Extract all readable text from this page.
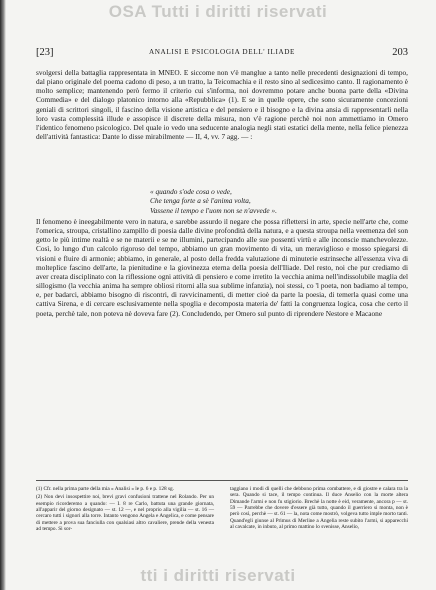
OSA Tutti i diritti riservati
[23]	ANALISI E PSICOLOGIA DELL' ILIADE	203
svolgersi della battaglia rappresentata in MNEO. E siccome non v'è manglue a tanto nelle precedenti designazioni di tempo, dal piano originale del poema cadono di peso, a un tratto, la Teicomachia e il resto sino al sedicesimo canto. Il ragionamento è molto semplice; mantenendo però fermo il criterio cui s'informa, noi dovremmo potare anche buona parte della «Divina Commedia» e del dialogo platonico intorno alla «Repubblica» (1). E se in quelle opere, che sono sicuramente concezioni geniali di scrittori singoli, il fascino della visione artistica e del pensiero e il bisogno e la divina ansia di rappresentarli nella loro vasta complessità illude e assopisce il discrete della misura, non v'è ragione perchè noi non ammettiamo in Omero l'identico fenomeno psicologico. Del quale io vedo una seducente analogia negli stati estatici della mente, nella felice pienezza dell'attività fantastica: Dante lo disse mirabilmente — II, 4, vv. 7 agg. — :
« quando s'ode cosa o vede,
Che tenga forte a sè l'anima volta,
Vassene il tempo e l'uom non se n'avvede ».
Il fenomeno è ineegabilmente vero in natura, e sarebbe assurdo il negare che possa riflettersi in arte, specie nell'arte che, come l'omerica, stroupa, cristallino zampillo di poesia dalle divine profondità della natura, e a questa stroupa nella veemenza del son getto le più intime realtà e se ne materii e se ne illumini, partecipando alle sue possenti virtù e alle inconscie manchevolezze. Così, lo lungo d'un calcolo rigoroso del tempo, abbiamo un gran movimento di vita, un meraviglioso e mosso spiegarsi di visioni e fluire di armonie; abbiamo, in generale, al posto della fredda valutazione di minuterie estrinseche all'essenza viva di molteplice fascino dell'arte, la pienitudine e la giovinezza eterna della poesia dell'Iliade. Del resto, noi che pur crediamo di aver creata disciplinato con la riflessione ogni attività di pensiero e come irretito la vecchia anima nell'indissolubile maglia del sillogismo (la vecchia anima ha sempre obliosi ritorni alla sua sublime infanzia), noi stessi, co 'l poeta, non badiamo al tempo, e, per badarci, abbiamo bisogno di riscontri, di ravvicinamenti, di metter cioè da parte la poesia, di temerla quasi come una cattiva Sirena, e di cercare esclusivamente nella spoglia e decomposta materia de' fatti la congruenza logica, cosa che certo il poeta, perchè tale, non poteva nè doveva fare (2). Concludendo, per Omero sul punto di riprendere Nestore e Macaone
(1) Cfr. nella prima parte della mia « Analisi » le p. 6 e p. 128 sg.
(2) Non devi insospettire noi, brevi gravi confusioni trattene nel Rolando. Per un esempio ricorderemo a quando: — I. 8 re Carlo, battuta una grande giornata, all'apparir del giorno designato — st. 12 —, e nel proprio alla vigilia — st. 16 — cercaro tutti i signori alla torre. Intanto vengono Angela e Angelica, e come pensare di mettere a prova sua fanciulla con qualsiasi altro cavaliere, prende della venesta ad tempo. Si sor-
taggiano i modi di quelli che debbono prima combattere, e di giostre e calara tra la sera. Quando si tace, il tempo continua. Il duce Anselio con la morte altera Dimande l'armi e non fu stigiorio. Brechè la notte è eid, veramente, ancora p — st. 59 — Parrebbe che dovere d'essere già tutto, quando il guerriero si monta, non è però così, perchè — st. 61 — la, nota come mostrò, volgeva tutto imple morto tanti. Quand'egli giunse al Primus di Merline a Angelia reste subito l'armi, si apparecchi al cavalcate, in inbuto, al primo mattino lo svenisse, Anselio,
tti i diritti riservati
